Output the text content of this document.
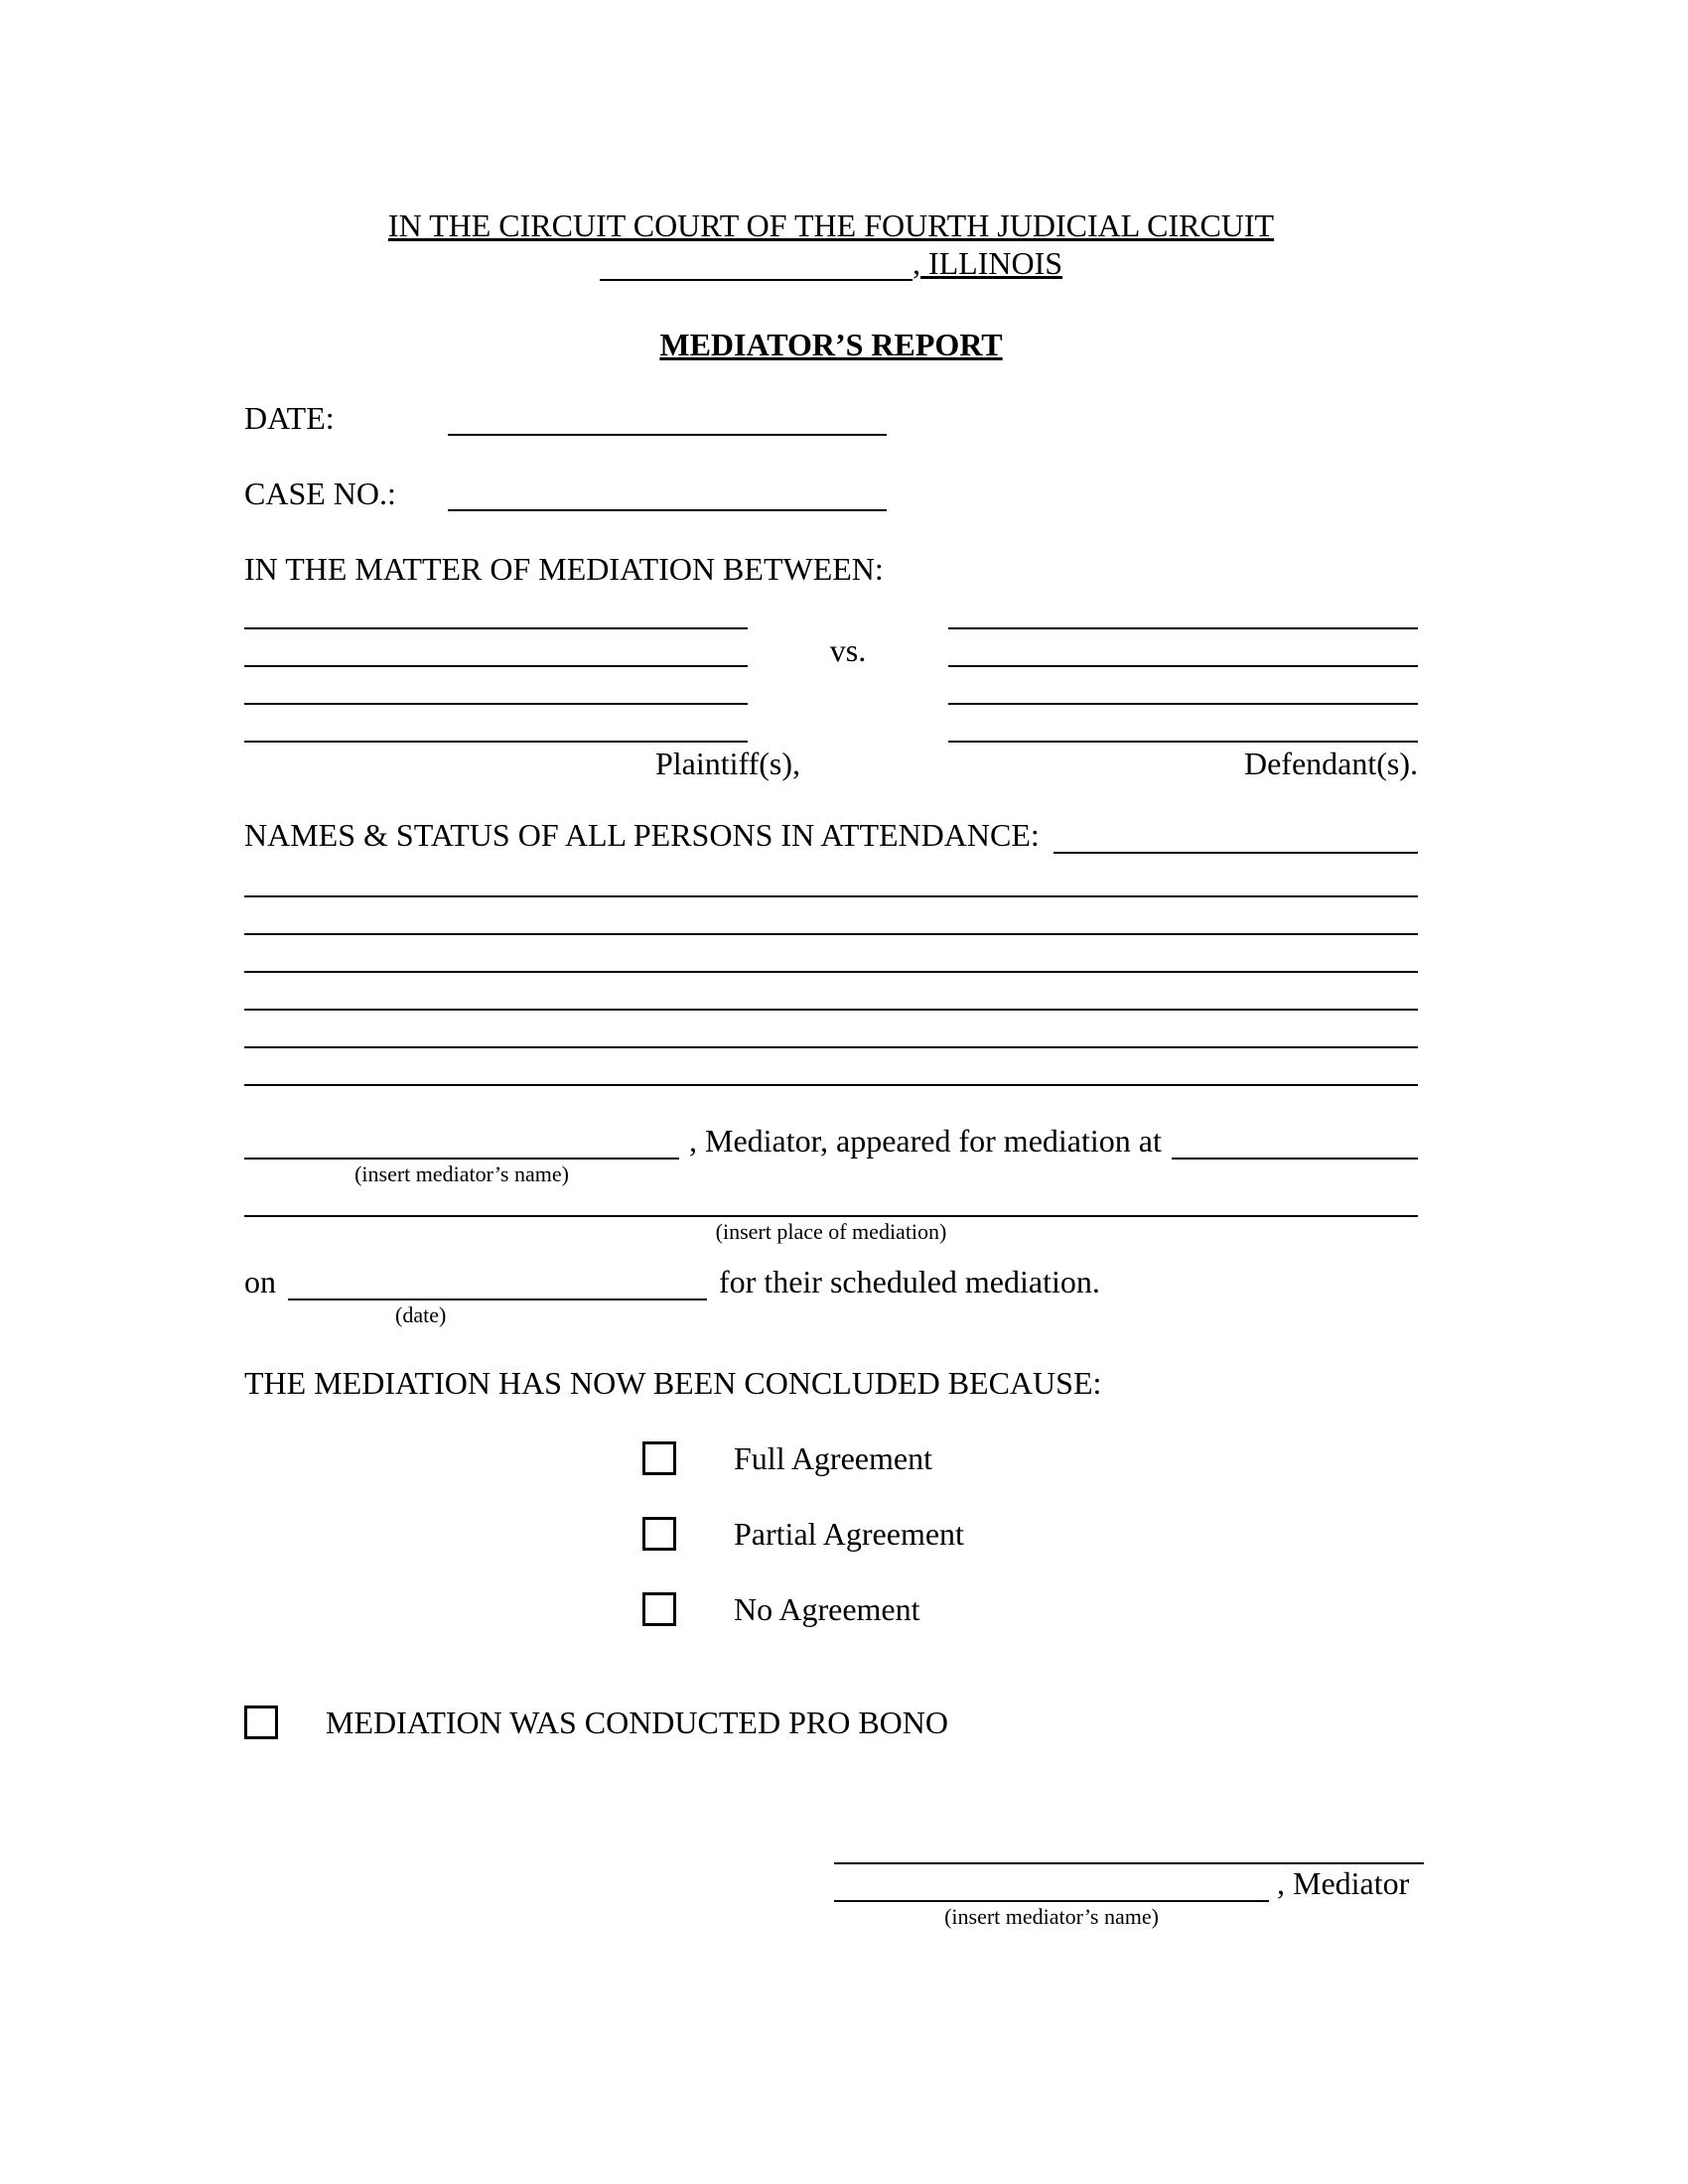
IN THE CIRCUIT COURT OF THE FOURTH JUDICIAL CIRCUIT
, ILLINOIS
MEDIATOR’S REPORT
DATE:
CASE NO.:
IN THE MATTER OF MEDIATION BETWEEN:
vs.
Plaintiff(s),	Defendant(s).
NAMES & STATUS OF ALL PERSONS IN ATTENDANCE:
, Mediator, appeared for mediation at
(insert mediator’s name)
(insert place of mediation)
on	for their scheduled mediation.
(date)
THE MEDIATION HAS NOW BEEN CONCLUDED BECAUSE:
Full Agreement
Partial Agreement
No Agreement
MEDIATION WAS CONDUCTED PRO BONO
, Mediator
(insert mediator’s name)
